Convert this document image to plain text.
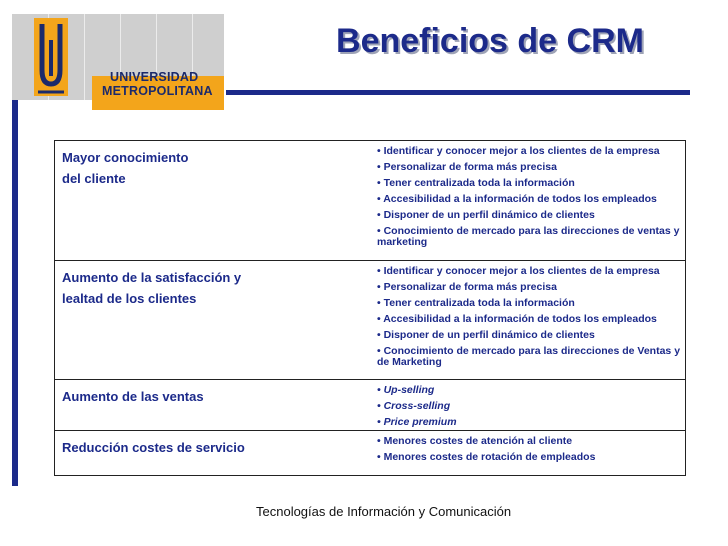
UNIVERSIDAD
METROPOLITANA
Beneficios de CRM
Mayor conocimiento
del cliente
• Identificar y conocer mejor a los clientes de la empresa
• Personalizar de forma más precisa
• Tener centralizada toda la información
• Accesibilidad a la información de todos los empleados
• Disponer de un perfil dinámico de clientes
• Conocimiento de mercado para las direcciones de ventas y marketing
Aumento de la satisfacción y
lealtad de los clientes
• Identificar y conocer mejor a los clientes de la empresa
• Personalizar de forma más precisa
• Tener centralizada toda la información
• Accesibilidad a la información de todos los empleados
• Disponer de un perfil dinámico de clientes
• Conocimiento de mercado para las direcciones de Ventas y de Marketing
Aumento de las ventas	• Up-selling
• Cross-selling
• Price premium
Reducción costes de servicio	• Menores costes de atención al cliente
• Menores costes de rotación de empleados
Tecnologías de Información y Comunicación
